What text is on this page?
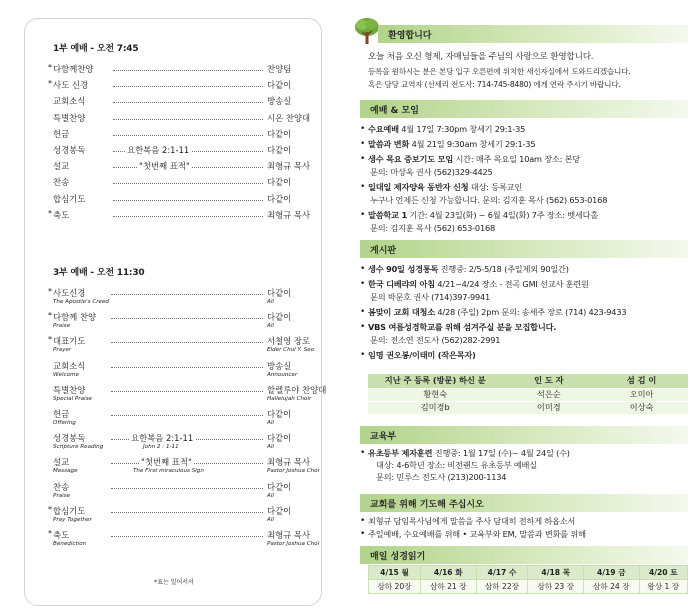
1부 예배 - 오전 7:45
* 다함께찬양	찬양팀
* 사도 신경	다같이
교회소식	방송실
특별찬양	시온 찬양대
헌금	다같이
성경봉독	다같이
요한복음 2:1-11
설교	최형규 목사
"첫번째 표적"
찬송	다같이
합심기도	다같이
* 축도	최형규 목사
3부 예배 - 오전 11:30
* 사도신경	다같이
The Apostle's Creed	All
* 다함께 찬양	다같이
Praise	All
* 대표기도	서철영 장로
Prayer	Elder Chul Y. Seo
교회소식	방송실
Welcome	Announcer
특별찬양	할렐루야 찬양대
Special Praise	Hallelujah Choir
헌금	다같이
Offering	All
성경봉독	다같이
Scripture Reading	All
요한복음 2:1-11
John 2 : 1-11
설교	최형규 목사
Message	Pastor Joshua Choi
"첫번째 표적"
The First miraculous Sign
찬송	다같이
Praise	All
* 합심기도	다같이
Pray Together	All
* 축도	최형규 목사
Benediction	Pastor Joshua Choi
*표는 일어서서
환영합니다
오늘 처음 오신 형제, 자매님들을 주님의 사랑으로 환영합니다.
등록을 원하시는 분은 본당 입구 오른편에 위치한 새신자실에서 도와드리겠습니다.
혹은 담당 교역자 (선세리 전도사: 714-745-8480) 에게 연락 주시기 바랍니다.
예배 & 모임
• 수요예배 4월 17일 7:30pm 창세기 29:1-35
• 말씀과 변화 4월 21일 9:30am 창세기 29:1-35
• 생수 목요 중보기도 모임 시간: 매주 목요일 10am 장소: 본당
문의: 마상옥 권사 (562)329-4425
• 일대일 제자양육 동반자 신청 대상: 등록교인
누구나 언제든 신청 가능합니다. 문의: 김지훈 목사 (562) 653-0168
• 말씀학교 1 기간: 4월 23일(화) ~ 6월 4일(화) 7주 장소: 벳세다홀
문의: 김지훈 목사 (562) 653-0168
게시판
• 생수 90일 성경통독 진행중: 2/5-5/18 (주일제외 90일간)
• 한국 디베랴의 아침 4/21~4/24 장소 - 전곡 GMI 선교사 훈련원
문의 박문호 권사 (714)397-9941
• 봄맞이 교회 대청소 4/28 (주일) 2pm 문의: 송세주 장로 (714) 423-9433
• VBS 여름성경학교를 위해 섬겨주실 분을 모집합니다.
문의: 전소연 전도사 (562)282-2991
• 임명 권오봉/이태미 (작은목자)
지난 주 등록 (방문) 하신 분	인 도 자	섬 김 이
황현숙	석은순	오미아
김미경b	이미경	이상숙
교육부
• 유초등부 제자훈련 진행중: 1월 17일 (수)~ 4월 24일 (수)
대상: 4-6학년 장소: 비전랜드 유초등부 예배실
문의: 민루스 전도사 (213)200-1134
교회를 위해 기도해 주십시오
• 최형규 담임목사님에게 말씀을 주사 담대히 전하게 하옵소서
• 주일예배, 수요예배를 위해 • 교육부와 EM, 말씀과 변화를 위해
매일 성경읽기
4/15 월	4/16 화	4/17 수	4/18 목	4/19 금	4/20 토
삼하 20장	삼하 21 장	삼하 22장	삼하 23 장	삼하 24 장	왕상 1 장
